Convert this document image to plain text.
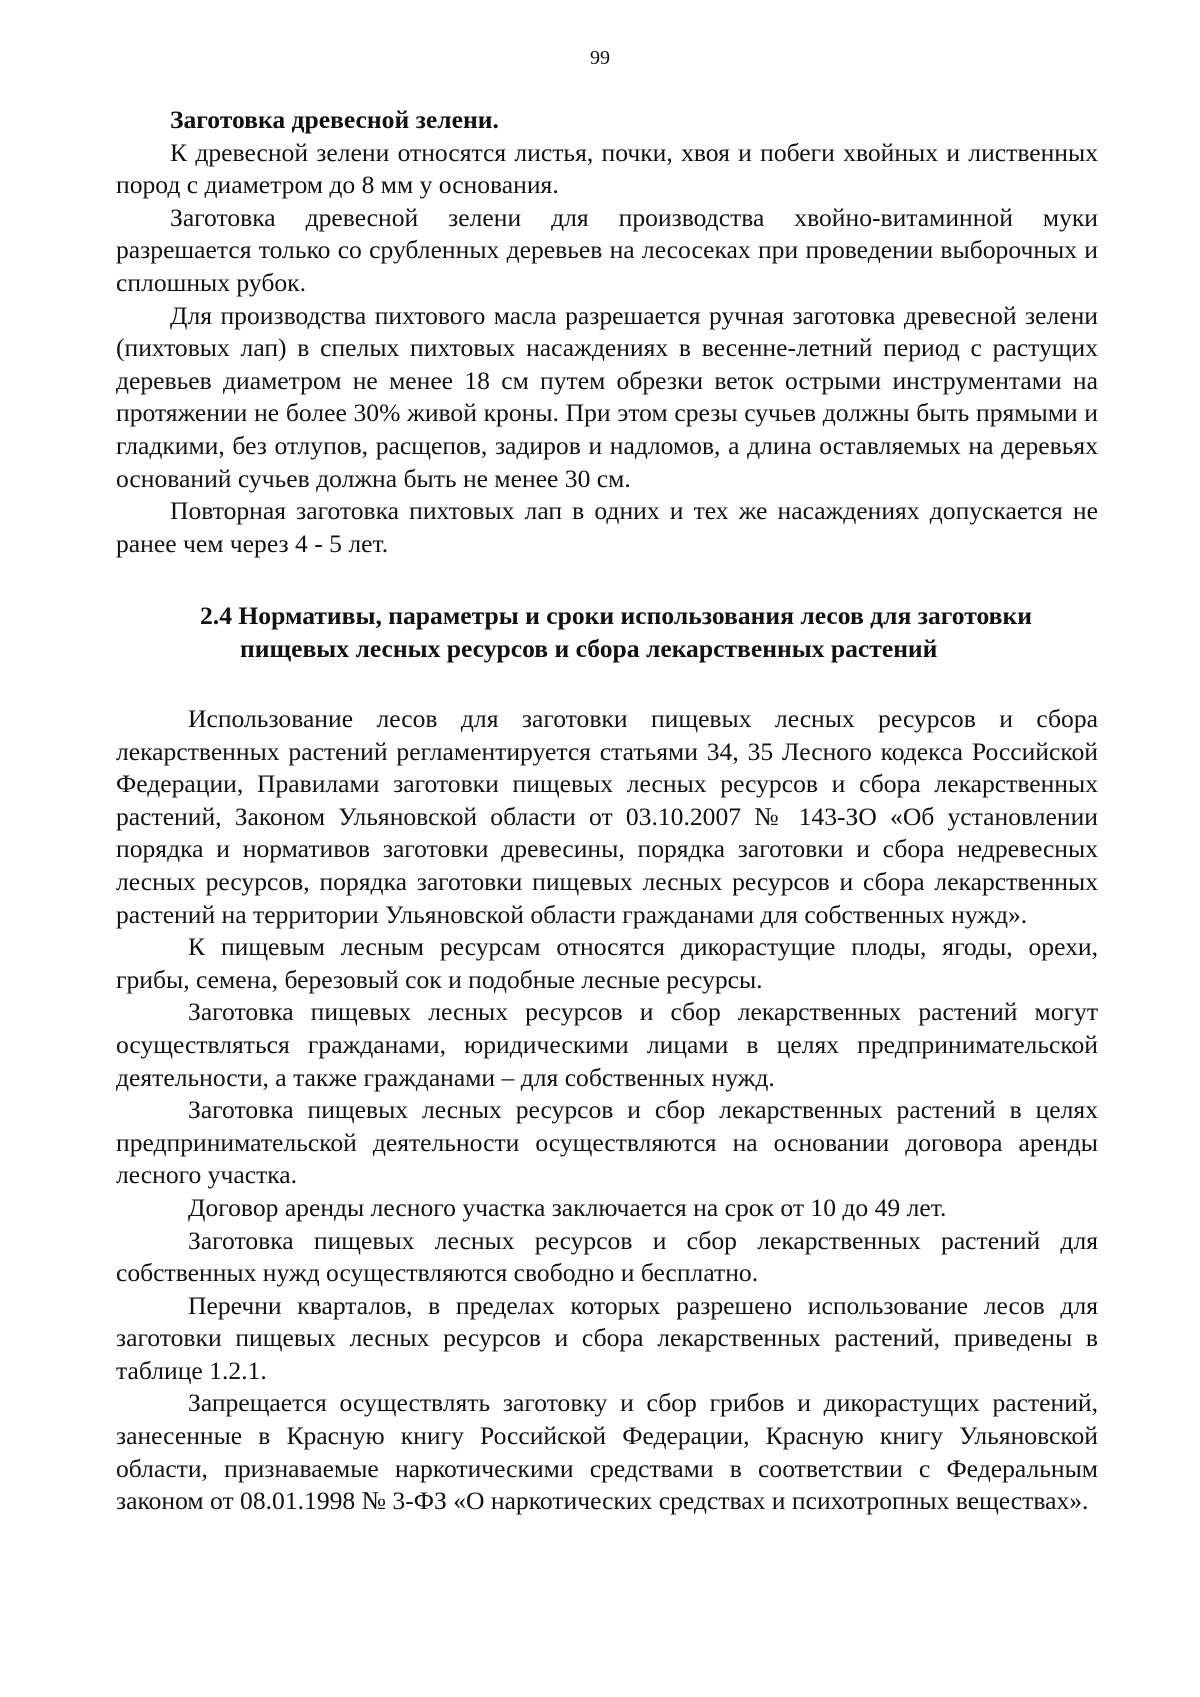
99

Заготовка древесной зелени.

К древесной зелени относятся листья, почки, хвоя и побеги хвойных и лиственных пород с диаметром до 8 мм у основания.

Заготовка древесной зелени для производства хвойно-витаминной муки разрешается только со срубленных деревьев на лесосеках при проведении выборочных и сплошных рубок.

Для производства пихтового масла разрешается ручная заготовка древесной зелени (пихтовых лап) в спелых пихтовых насаждениях в весенне-летний период с растущих деревьев диаметром не менее 18 см путем обрезки веток острыми инструментами на протяжении не более 30% живой кроны. При этом срезы сучьев должны быть прямыми и гладкими, без отлупов, расщепов, задиров и надломов, а длина оставляемых на деревьях оснований сучьев должна быть не менее 30 см.

Повторная заготовка пихтовых лап в одних и тех же насаждениях допускается не ранее чем через 4 - 5 лет.

2.4 Нормативы, параметры и сроки использования лесов для заготовки
пищевых лесных ресурсов и сбора лекарственных растений

Использование лесов для заготовки пищевых лесных ресурсов и сбора лекарственных растений регламентируется статьями 34, 35 Лесного кодекса Российской Федерации, Правилами заготовки пищевых лесных ресурсов и сбора лекарственных растений, Законом Ульяновской области от 03.10.2007 № 143-ЗО «Об установлении порядка и нормативов заготовки древесины, порядка заготовки и сбора недревесных лесных ресурсов, порядка заготовки пищевых лесных ресурсов и сбора лекарственных растений на территории Ульяновской области гражданами для собственных нужд».

К пищевым лесным ресурсам относятся дикорастущие плоды, ягоды, орехи, грибы, семена, березовый сок и подобные лесные ресурсы.

Заготовка пищевых лесных ресурсов и сбор лекарственных растений могут осуществляться гражданами, юридическими лицами в целях предпринимательской деятельности, а также гражданами – для собственных нужд.

Заготовка пищевых лесных ресурсов и сбор лекарственных растений в целях предпринимательской деятельности осуществляются на основании договора аренды лесного участка.

Договор аренды лесного участка заключается на срок от 10 до 49 лет.

Заготовка пищевых лесных ресурсов и сбор лекарственных растений для собственных нужд осуществляются свободно и бесплатно.

Перечни кварталов, в пределах которых разрешено использование лесов для заготовки пищевых лесных ресурсов и сбора лекарственных растений, приведены в таблице 1.2.1.

Запрещается осуществлять заготовку и сбор грибов и дикорастущих растений, занесенные в Красную книгу Российской Федерации, Красную книгу Ульяновской области, признаваемые наркотическими средствами в соответствии с Федеральным законом от 08.01.1998 № 3-ФЗ «О наркотических средствах и психотропных веществах».
